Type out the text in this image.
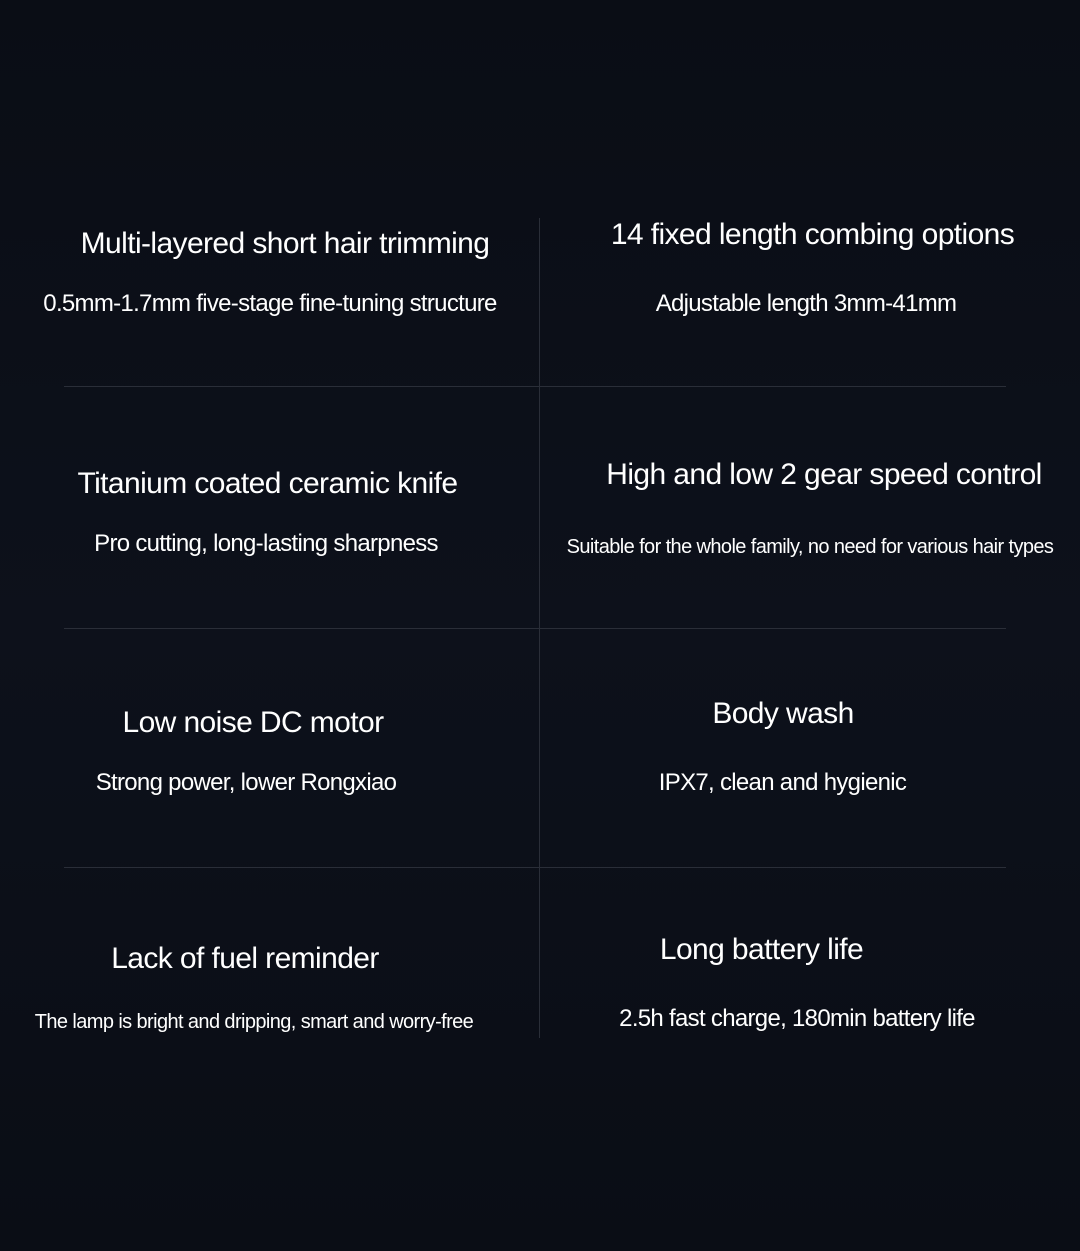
Multi-layered short hair trimming
0.5mm-1.7mm five-stage fine-tuning structure
14 fixed length combing options
Adjustable length 3mm-41mm
Titanium coated ceramic knife
Pro cutting, long-lasting sharpness
High and low 2 gear speed control
Suitable for the whole family, no need for various hair types
Low noise DC motor
Strong power, lower Rongxiao
Body wash
IPX7, clean and hygienic
Lack of fuel reminder
The lamp is bright and dripping, smart and worry-free
Long battery life
2.5h fast charge, 180min battery life
